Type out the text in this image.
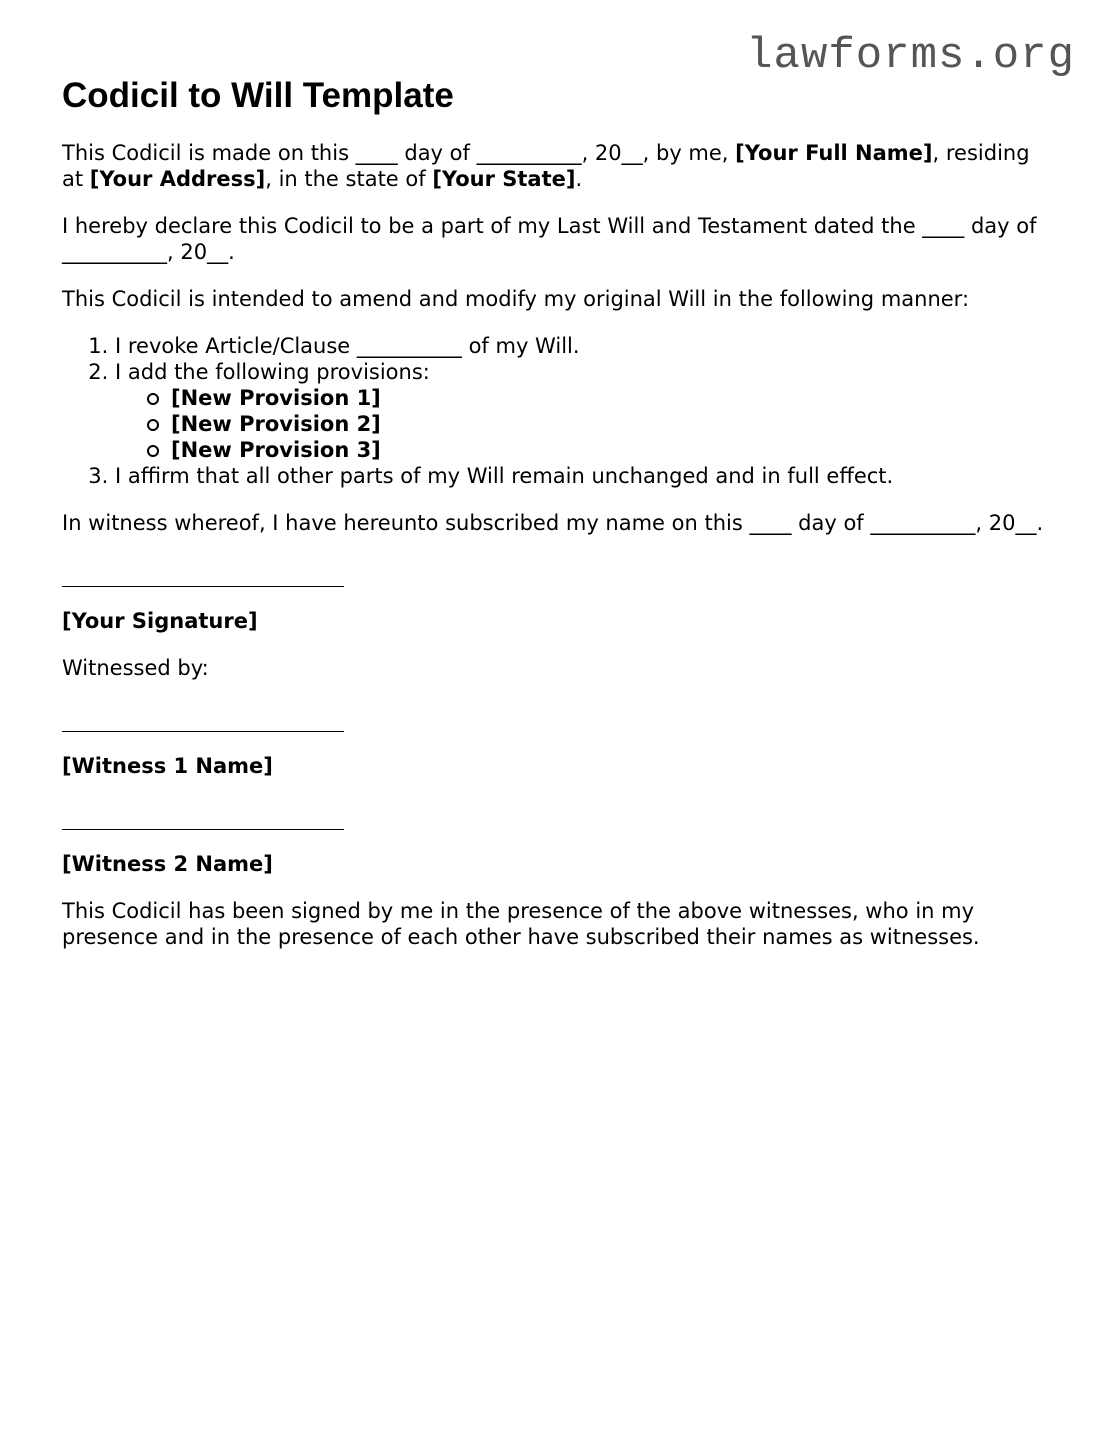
lawforms.org
Codicil to Will Template

This Codicil is made on this ____ day of __________, 20__, by me, [Your Full Name], residing at [Your Address], in the state of [Your State].

I hereby declare this Codicil to be a part of my Last Will and Testament dated the ____ day of __________, 20__.

This Codicil is intended to amend and modify my original Will in the following manner:

1. I revoke Article/Clause __________ of my Will.
2. I add the following provisions:
[New Provision 1]
[New Provision 2]
[New Provision 3]
3. I affirm that all other parts of my Will remain unchanged and in full effect.

In witness whereof, I have hereunto subscribed my name on this ____ day of __________, 20__.

[Your Signature]

Witnessed by:

[Witness 1 Name]

[Witness 2 Name]

This Codicil has been signed by me in the presence of the above witnesses, who in my presence and in the presence of each other have subscribed their names as witnesses.
